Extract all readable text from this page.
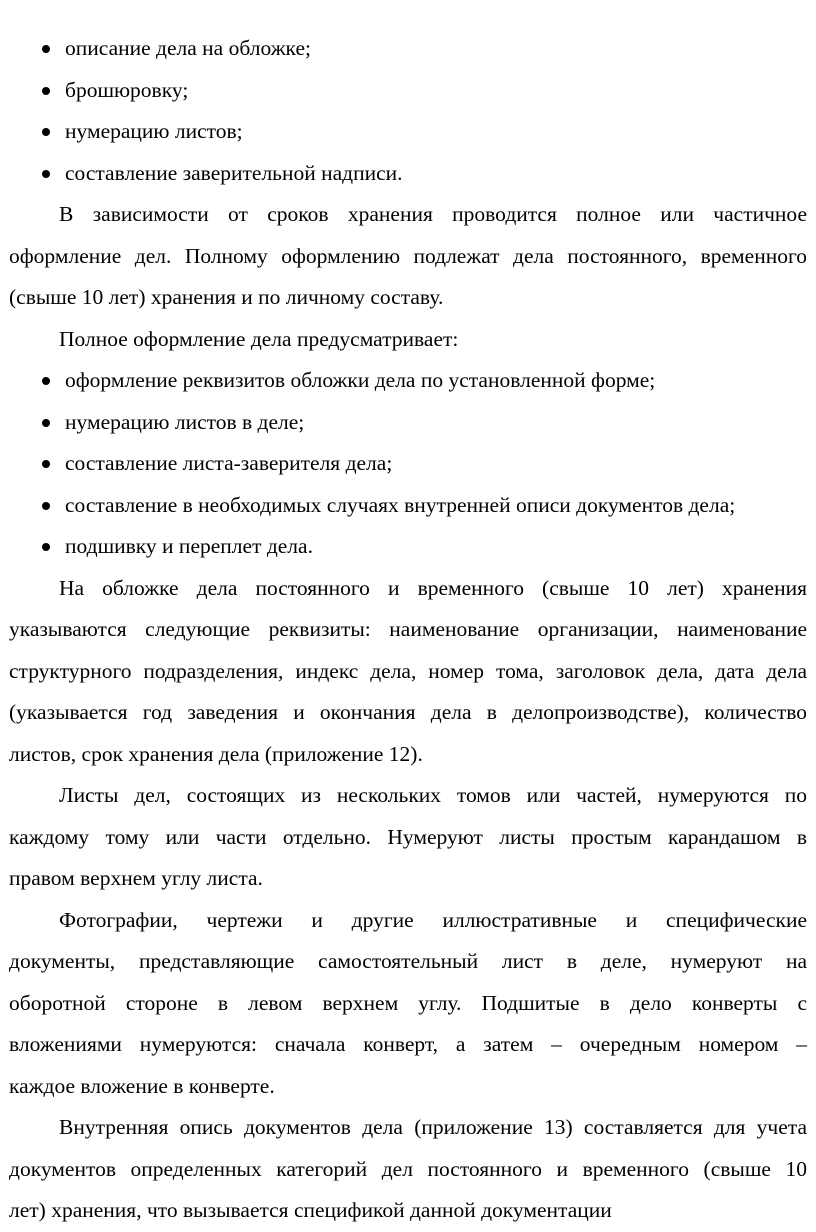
описание дела на обложке;
брошюровку;
нумерацию листов;
составление заверительной надписи.
В зависимости от сроков хранения проводится полное или частичное
оформление дел. Полному оформлению подлежат дела постоянного, временного
(свыше 10 лет) хранения и по личному составу.
Полное оформление дела предусматривает:
оформление реквизитов обложки дела по установленной форме;
нумерацию листов в деле;
составление листа-заверителя дела;
составление в необходимых случаях внутренней описи документов дела;
подшивку и переплет дела.
На обложке дела постоянного и временного (свыше 10 лет) хранения
указываются следующие реквизиты: наименование организации, наименование
структурного подразделения, индекс дела, номер тома, заголовок дела, дата дела
(указывается год заведения и окончания дела в делопроизводстве), количество
листов, срок хранения дела (приложение 12).
Листы дел, состоящих из нескольких томов или частей, нумеруются по
каждому тому или части отдельно. Нумеруют листы простым карандашом в
правом верхнем углу листа.
Фотографии, чертежи и другие иллюстративные и специфические
документы, представляющие самостоятельный лист в деле, нумеруют на
оборотной стороне в левом верхнем углу. Подшитые в дело конверты с
вложениями нумеруются: сначала конверт, а затем – очередным номером –
каждое вложение в конверте.
Внутренняя опись документов дела (приложение 13) составляется для учета
документов определенных категорий дел постоянного и временного (свыше 10
лет) хранения, что вызывается спецификой данной документации
